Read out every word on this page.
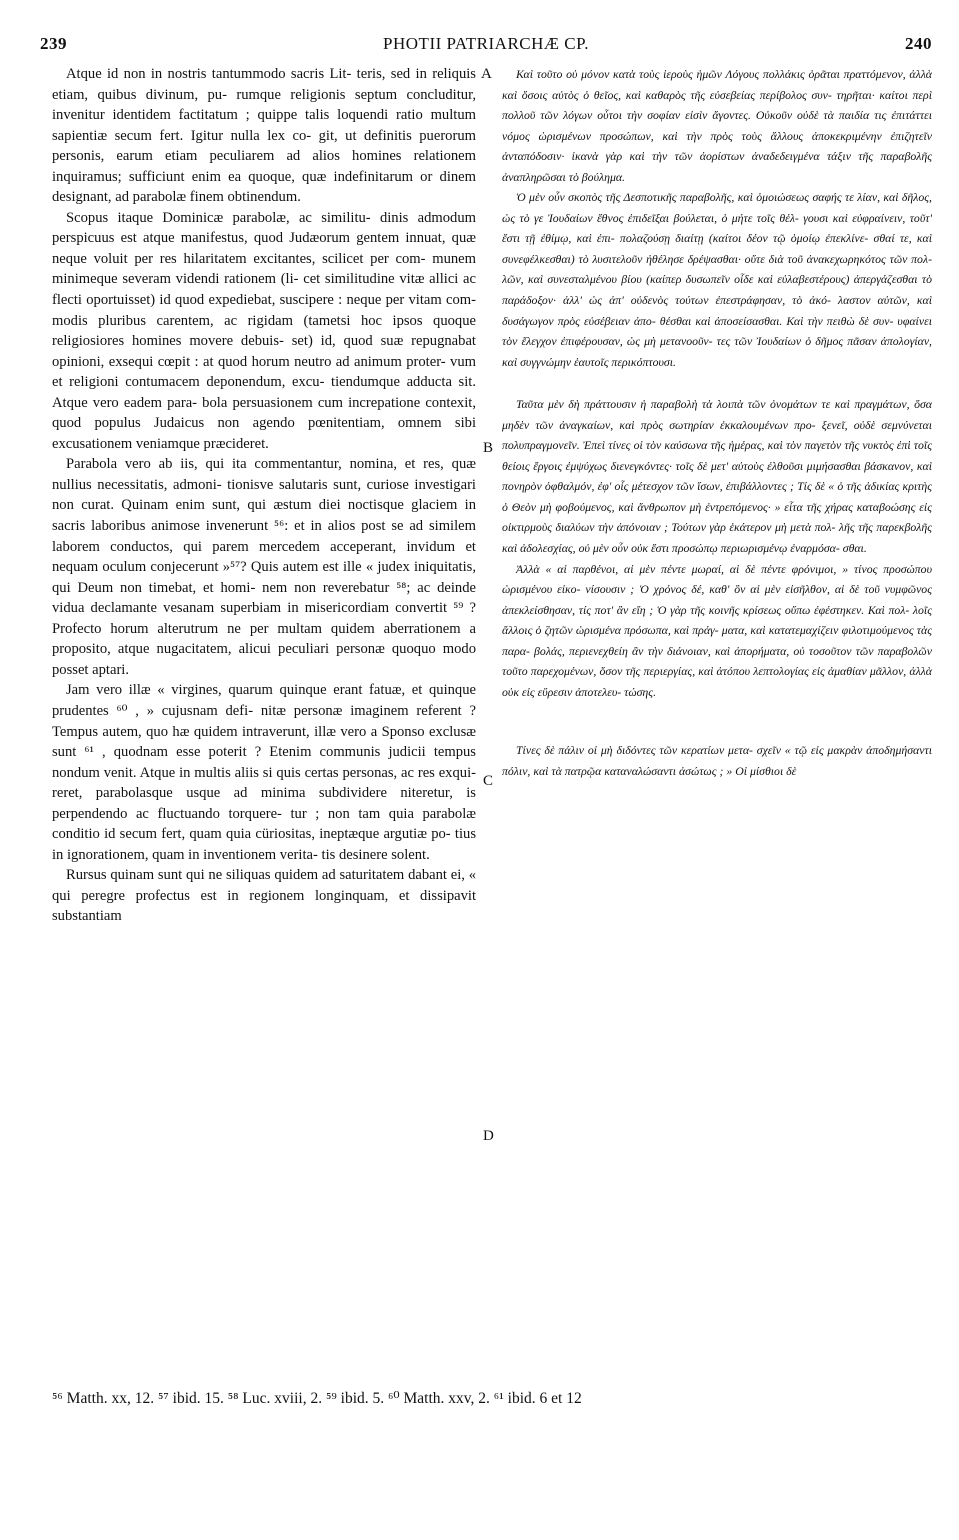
239	PHOTII PATRIARCHÆ CP.	240

Atque id non in nostris tantummodo sacris Lit- teris, sed in reliquis etiam, quibus divinum, pu- rumque religionis septum concluditur, invenitur identidem factitatum ; quippe talis loquendi ratio multum sapientiæ secum fert. Igitur nulla lex co- git, ut definitis puerorum personis, earum etiam peculiarem ad alios homines relationem inquiramus; sufficiunt enim ea quoque, quæ indefinitarum or dinem designant, ad parabolæ finem obtinendum.

Scopus itaque Dominicæ parabolæ, ac similitu- dinis admodum perspicuus est atque manifestus, quod Judæorum gentem innuat, quæ neque voluit per res hilaritatem excitantes, scilicet per com- munem minimeque severam videndi rationem (li- cet similitudine vitæ allici ac flecti oportuisset) id quod expediebat, suscipere : neque per vitam com- modis pluribus carentem, ac rigidam (tametsi hoc ipsos quoque religiosiores homines movere debuis- set) id, quod suæ repugnabat opinioni, exsequi cœpit : at quod horum neutro ad animum proter- vum et religioni contumacem deponendum, excu- tiendumque adducta sit. Atque vero eadem para- bola persuasionem cum increpatione contexit, quod populus Judaicus non agendo pœnitentiam, omnem sibi excusationem veniamque præcideret.

Parabola vero ab iis, qui ita commentantur, nomina, et res, quæ nullius necessitatis, admoni- tionisve salutaris sunt, curiose investigari non curat. Quinam enim sunt, qui æstum diei noctisque glaciem in sacris laboribus animose invenerunt ⁵⁶: et in alios post se ad similem laborem conductos, qui parem mercedem acceperant, invidum et nequam oculum conjecerunt »⁵⁷? Quis autem est ille « judex iniquitatis, qui Deum non timebat, et homi- nem non reverebatur ⁵⁸; ac deinde vidua declamante vesanam superbiam in misericordiam convertit ⁵⁹ ? Profecto horum alterutrum ne per multam quidem aberrationem a proposito, atque nugacitatem, alicui peculiari personæ quoquo modo posset aptari.

Jam vero illæ « virgines, quarum quinque erant fatuæ, et quinque prudentes ⁶⁰ , » cujusnam defi- nitæ personæ imaginem referent ? Tempus autem, quo hæ quidem intraverunt, illæ vero a Sponso exclusæ sunt ⁶¹ , quodnam esse poterit ? Etenim communis judicii tempus nondum venit. Atque in multis aliis si quis certas personas, ac res exqui- reret, parabolasque usque ad minima subdividere niteretur, is perpendendo ac fluctuando torquere- tur ; non tam quia parabolæ conditio id secum fert, quam quia cüriositas, ineptæque argutiæ po- tius in ignorationem, quam in inventionem verita- tis desinere solent.

Rursus quinam sunt qui ne siliquas quidem ad saturitatem dabant ei, « qui peregre profectus est in regionem longinquam, et dissipavit substantiam

A
B
C
D

Καὶ τοῦτο οὐ μόνον κατὰ τοὺς ἱεροὺς ἡμῶν Λόγους πολλάκις ὁρᾶται πραττόμενον, ἀλλὰ καὶ ὅσοις αὐτὸς ὁ θεῖος, καὶ καθαρὸς τῆς εὐσεβείας περίβολος συν- τηρῆται· καίτοι περὶ πολλοῦ τῶν λόγων οὗτοι τὴν σοφίαν εἰσὶν ἄγοντες. Οὐκοῦν οὐδὲ τὰ παιδία τις ἐπιτάττει νόμος ὡρισμένων προσώπων, καὶ τὴν πρὸς τοὺς ἄλλους ἀποκεκριμένην ἐπιζητεῖν ἀνταπόδοσιν· ἱκανὰ γὰρ καὶ τὴν τῶν ἀορίστων ἀναδεδειγμένα τάξιν τῆς παραβολῆς ἀναπληρῶσαι τὸ βούλημα.

Ὁ μὲν οὖν σκοπὸς τῆς Δεσποτικῆς παραβολῆς, καὶ ὁμοιώσεως σαφής τε λίαν, καὶ δῆλος, ὡς τὸ γε Ἰουδαίων ἔθνος ἐπιδεῖξαι βούλεται, ὁ μήτε τοῖς θέλ- γουσι καὶ εὐφραίνειν, τοῦτ' ἔστι τῇ ἐθίμῳ, καὶ ἐπι- πολαζούσῃ διαίτῃ (καίτοι δέον τῷ ὁμοίῳ ἐπεκλίνε- σθαί τε, καὶ συνεφέλκεσθαι) τὸ λυσιτελοῦν ἠθέλησε δρέψασθαι· οὔτε διὰ τοῦ ἀνακεχωρηκότος τῶν πολ- λῶν, καὶ συνεσταλμένου βίου (καίπερ δυσωπεῖν οἶδε καὶ εὐλαβεστέρους) ἀπεργάζεσθαι τὸ παράδοξον· ἀλλ' ὡς ἀπ' οὐδενὸς τούτων ἐπεστράφησαν, τὸ ἀκό- λαστον αὐτῶν, καὶ δυσάγωγον πρὸς εὐσέβειαν ἀπο- θέσθαι καὶ ἀποσείσασθαι. Καὶ τὴν πειθὼ δὲ συν- υφαίνει τὸν ἔλεγχον ἐπιφέρουσαν, ὡς μὴ μετανοοῦν- τες τῶν Ἰουδαίων ὁ δῆμος πᾶσαν ἀπολογίαν, καὶ συγγνώμην ἑαυτοῖς περικόπτουσι.

Ταῦτα μὲν δὴ πράττουσιν ἡ παραβολὴ τὰ λοιπὰ τῶν ὀνομάτων τε καὶ πραγμάτων, ὅσα μηδὲν τῶν ἀναγκαίων, καὶ πρὸς σωτηρίαν ἐκκαλουμένων προ- ξενεῖ, οὐδὲ σεμνύνεται πολυπραγμονεῖν. Ἐπεὶ τίνες οἱ τὸν καύσωνα τῆς ἡμέρας, καὶ τὸν παγετὸν τῆς νυκτὸς ἐπὶ τοῖς θείοις ἔργοις ἐμψύχως διενεγκόντες· τοῖς δὲ μετ' αὐτοὺς ἐλθοῦσι μιμήσασθαι βάσκανον, καὶ πονηρὸν ὀφθαλμόν, ἐφ' οἷς μέτεσχον τῶν ἴσων, ἐπιβάλλοντες ; Τίς δὲ « ὁ τῆς ἀδικίας κριτὴς ὁ Θεὸν μὴ φοβούμενος, καὶ ἄνθρωπον μὴ ἐντρεπόμενος· » εἶτα τῆς χήρας καταβοώσης εἰς οἰκτιρμοὺς διαλύων τὴν ἀπόνοιαν ; Τούτων γὰρ ἑκάτερον μὴ μετὰ πολ- λῆς τῆς παρεκβολῆς καὶ ἀδολεσχίας, οὐ μὲν οὖν οὐκ ἔστι προσώπῳ περιωρισμένῳ ἐναρμόσα- σθαι.

Ἀλλὰ « αἱ παρθένοι, αἱ μὲν πέντε μωραί, αἱ δὲ πέντε φρόνιμοι, » τίνος προσώπου ὡρισμένου εἰκο- νίσουσιν ; Ὁ χρόνος δέ, καθ' ὃν αἱ μὲν εἰσῆλθον, αἱ δὲ τοῦ νυμφῶνος ἀπεκλείσθησαν, τίς ποτ' ἂν εἴη ; Ὁ γὰρ τῆς κοινῆς κρίσεως οὔπω ἐφέστηκεν. Καὶ πολ- λοῖς ἄλλοις ὁ ζητῶν ὡρισμένα πρόσωπα, καὶ πράγ- ματα, καὶ κατατεμαχίζειν φιλοτιμούμενος τὰς παρα- βολάς, περιενεχθείη ἂν τὴν διάνοιαν, καὶ ἀπορήματα, οὐ τοσοῦτον τῶν παραβολῶν τοῦτο παρεχομένων, ὅσον τῆς περιεργίας, καὶ ἀτόπου λεπτολογίας εἰς ἀμαθίαν μᾶλλον, ἀλλὰ οὐκ εἰς εὕρεσιν ἀποτελευ- τώσης.

Τίνες δὲ πάλιν οἱ μὴ διδόντες τῶν κερατίων μετα- σχεῖν « τῷ εἰς μακρὰν ἀποδημήσαντι πόλιν, καὶ τὰ πατρῷα καταναλώσαντι ἀσώτως ; » Οἱ μίσθιοι δὲ

⁵⁶ Matth. xx, 12. ⁵⁷ ibid. 15. ⁵⁸ Luc. xviii, 2. ⁵⁹ ibid. 5. ⁶⁰ Matth. xxv, 2. ⁶¹ ibid. 6 et 12
